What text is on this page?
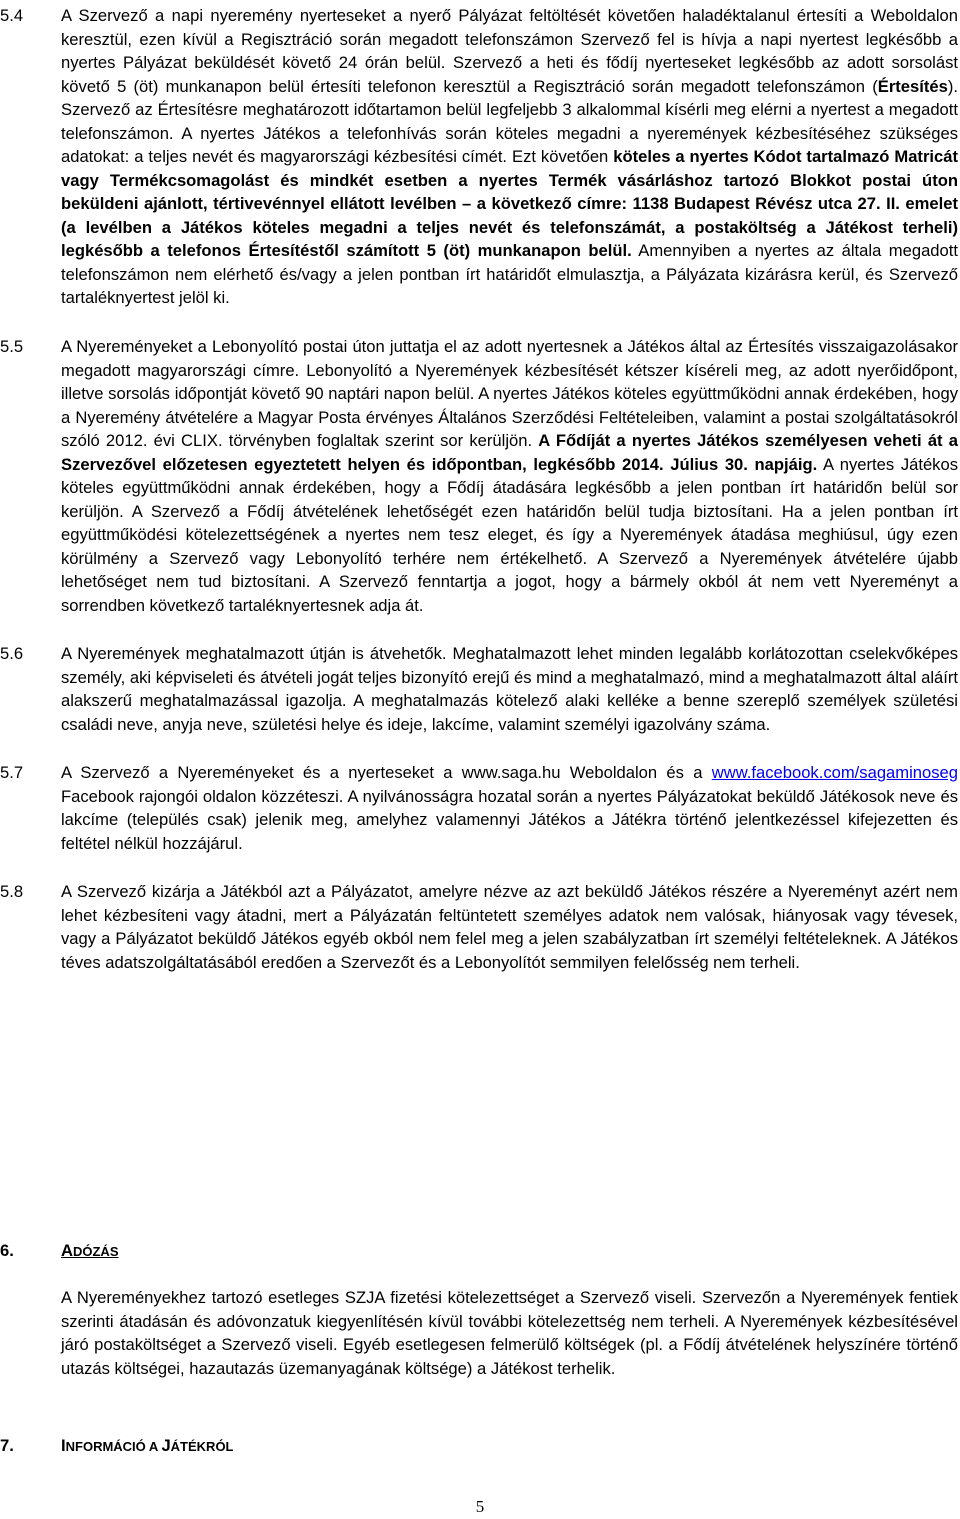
5.4 A Szervező a napi nyeremény nyerteseket a nyerő Pályázat feltöltését követően haladéktalanul értesíti a Weboldalon keresztül, ezen kívül a Regisztráció során megadott telefonszámon Szervező fel is hívja a napi nyertest legkésőbb a nyertes Pályázat beküldését követő 24 órán belül. Szervező a heti és fődíj nyerteseket legkésőbb az adott sorsolást követő 5 (öt) munkanapon belül értesíti telefonon keresztül a Regisztráció során megadott telefonszámon (Értesítés). Szervező az Értesítésre meghatározott időtartamon belül legfeljebb 3 alkalommal kísérli meg elérni a nyertest a megadott telefonszámon. A nyertes Játékos a telefonhívás során köteles megadni a nyeremények kézbesítéséhez szükséges adatokat: a teljes nevét és magyarországi kézbesítési címét. Ezt követően köteles a nyertes Kódot tartalmazó Matricát vagy Termékcsomagolást és mindkét esetben a nyertes Termék vásárláshoz tartozó Blokkot postai úton beküldeni ajánlott, tértivevénnyel ellátott levélben – a következő címre: 1138 Budapest Révész utca 27. II. emelet (a levélben a Játékos köteles megadni a teljes nevét és telefonszámát, a postaköltség a Játékost terheli) legkésőbb a telefonos Értesítéstől számított 5 (öt) munkanapon belül. Amennyiben a nyertes az általa megadott telefonszámon nem elérhető és/vagy a jelen pontban írt határidőt elmulasztja, a Pályázata kizárásra kerül, és Szervező tartaléknyertest jelöl ki.
5.5 A Nyereményeket a Lebonyolító postai úton juttatja el az adott nyertesnek a Játékos által az Értesítés visszaigazolásakor megadott magyarországi címre. Lebonyolító a Nyeremények kézbesítését kétszer kíséreli meg, az adott nyerőidőpont, illetve sorsolás időpontját követő 90 naptári napon belül. A nyertes Játékos köteles együttműködni annak érdekében, hogy a Nyeremény átvételére a Magyar Posta érvényes Általános Szerződési Feltételeiben, valamint a postai szolgáltatásokról szóló 2012. évi CLIX. törvényben foglaltak szerint sor kerüljön. A Fődíját a nyertes Játékos személyesen veheti át a Szervezővel előzetesen egyeztetett helyen és időpontban, legkésőbb 2014. Július 30. napjáig. A nyertes Játékos köteles együttműködni annak érdekében, hogy a Fődíj átadására legkésőbb a jelen pontban írt határidőn belül sor kerüljön. A Szervező a Fődíj átvételének lehetőségét ezen határidőn belül tudja biztosítani. Ha a jelen pontban írt együttműködési kötelezettségének a nyertes nem tesz eleget, és így a Nyeremények átadása meghiúsul, úgy ezen körülmény a Szervező vagy Lebonyolító terhére nem értékelhető. A Szervező a Nyeremények átvételére újabb lehetőséget nem tud biztosítani. A Szervező fenntartja a jogot, hogy a bármely okból át nem vett Nyereményt a sorrendben következő tartaléknyertesnek adja át.
5.6 A Nyeremények meghatalmazott útján is átvehetők. Meghatalmazott lehet minden legalább korlátozottan cselekvőképes személy, aki képviseleti és átvételi jogát teljes bizonyító erejű és mind a meghatalmazó, mind a meghatalmazott által aláírt alakszerű meghatalmazással igazolja. A meghatalmazás kötelező alaki kelléke a benne szereplő személyek születési családi neve, anyja neve, születési helye és ideje, lakcíme, valamint személyi igazolvány száma.
5.7 A Szervező a Nyereményeket és a nyerteseket a www.saga.hu Weboldalon és a www.facebook.com/sagaminoseg Facebook rajongói oldalon közzéteszi. A nyilvánosságra hozatal során a nyertes Pályázatokat beküldő Játékosok neve és lakcíme (település csak) jelenik meg, amelyhez valamennyi Játékos a Játékra történő jelentkezéssel kifejezetten és feltétel nélkül hozzájárul.
5.8 A Szervező kizárja a Játékból azt a Pályázatot, amelyre nézve az azt beküldő Játékos részére a Nyereményt azért nem lehet kézbesíteni vagy átadni, mert a Pályázatán feltüntetett személyes adatok nem valósak, hiányosak vagy tévesek, vagy a Pályázatot beküldő Játékos egyéb okból nem felel meg a jelen szabályzatban írt személyi feltételeknek. A Játékos téves adatszolgáltatásából eredően a Szervezőt és a Lebonyolítót semmilyen felelősség nem terheli.
6.	ADÓZÁS
A Nyereményekhez tartozó esetleges SZJA fizetési kötelezettséget a Szervező viseli. Szervezőn a Nyeremények fentiek szerinti átadásán és adóvonzatuk kiegyenlítésén kívül további kötelezettség nem terheli. A Nyeremények kézbesítésével járó postaköltséget a Szervező viseli. Egyéb esetlegesen felmerülő költségek (pl. a Fődíj átvételének helyszínére történő utazás költségei, hazautazás üzemanyagának költsége) a Játékost terhelik.
7.	INFORMÁCIÓ A JÁTÉKRÓL
5
